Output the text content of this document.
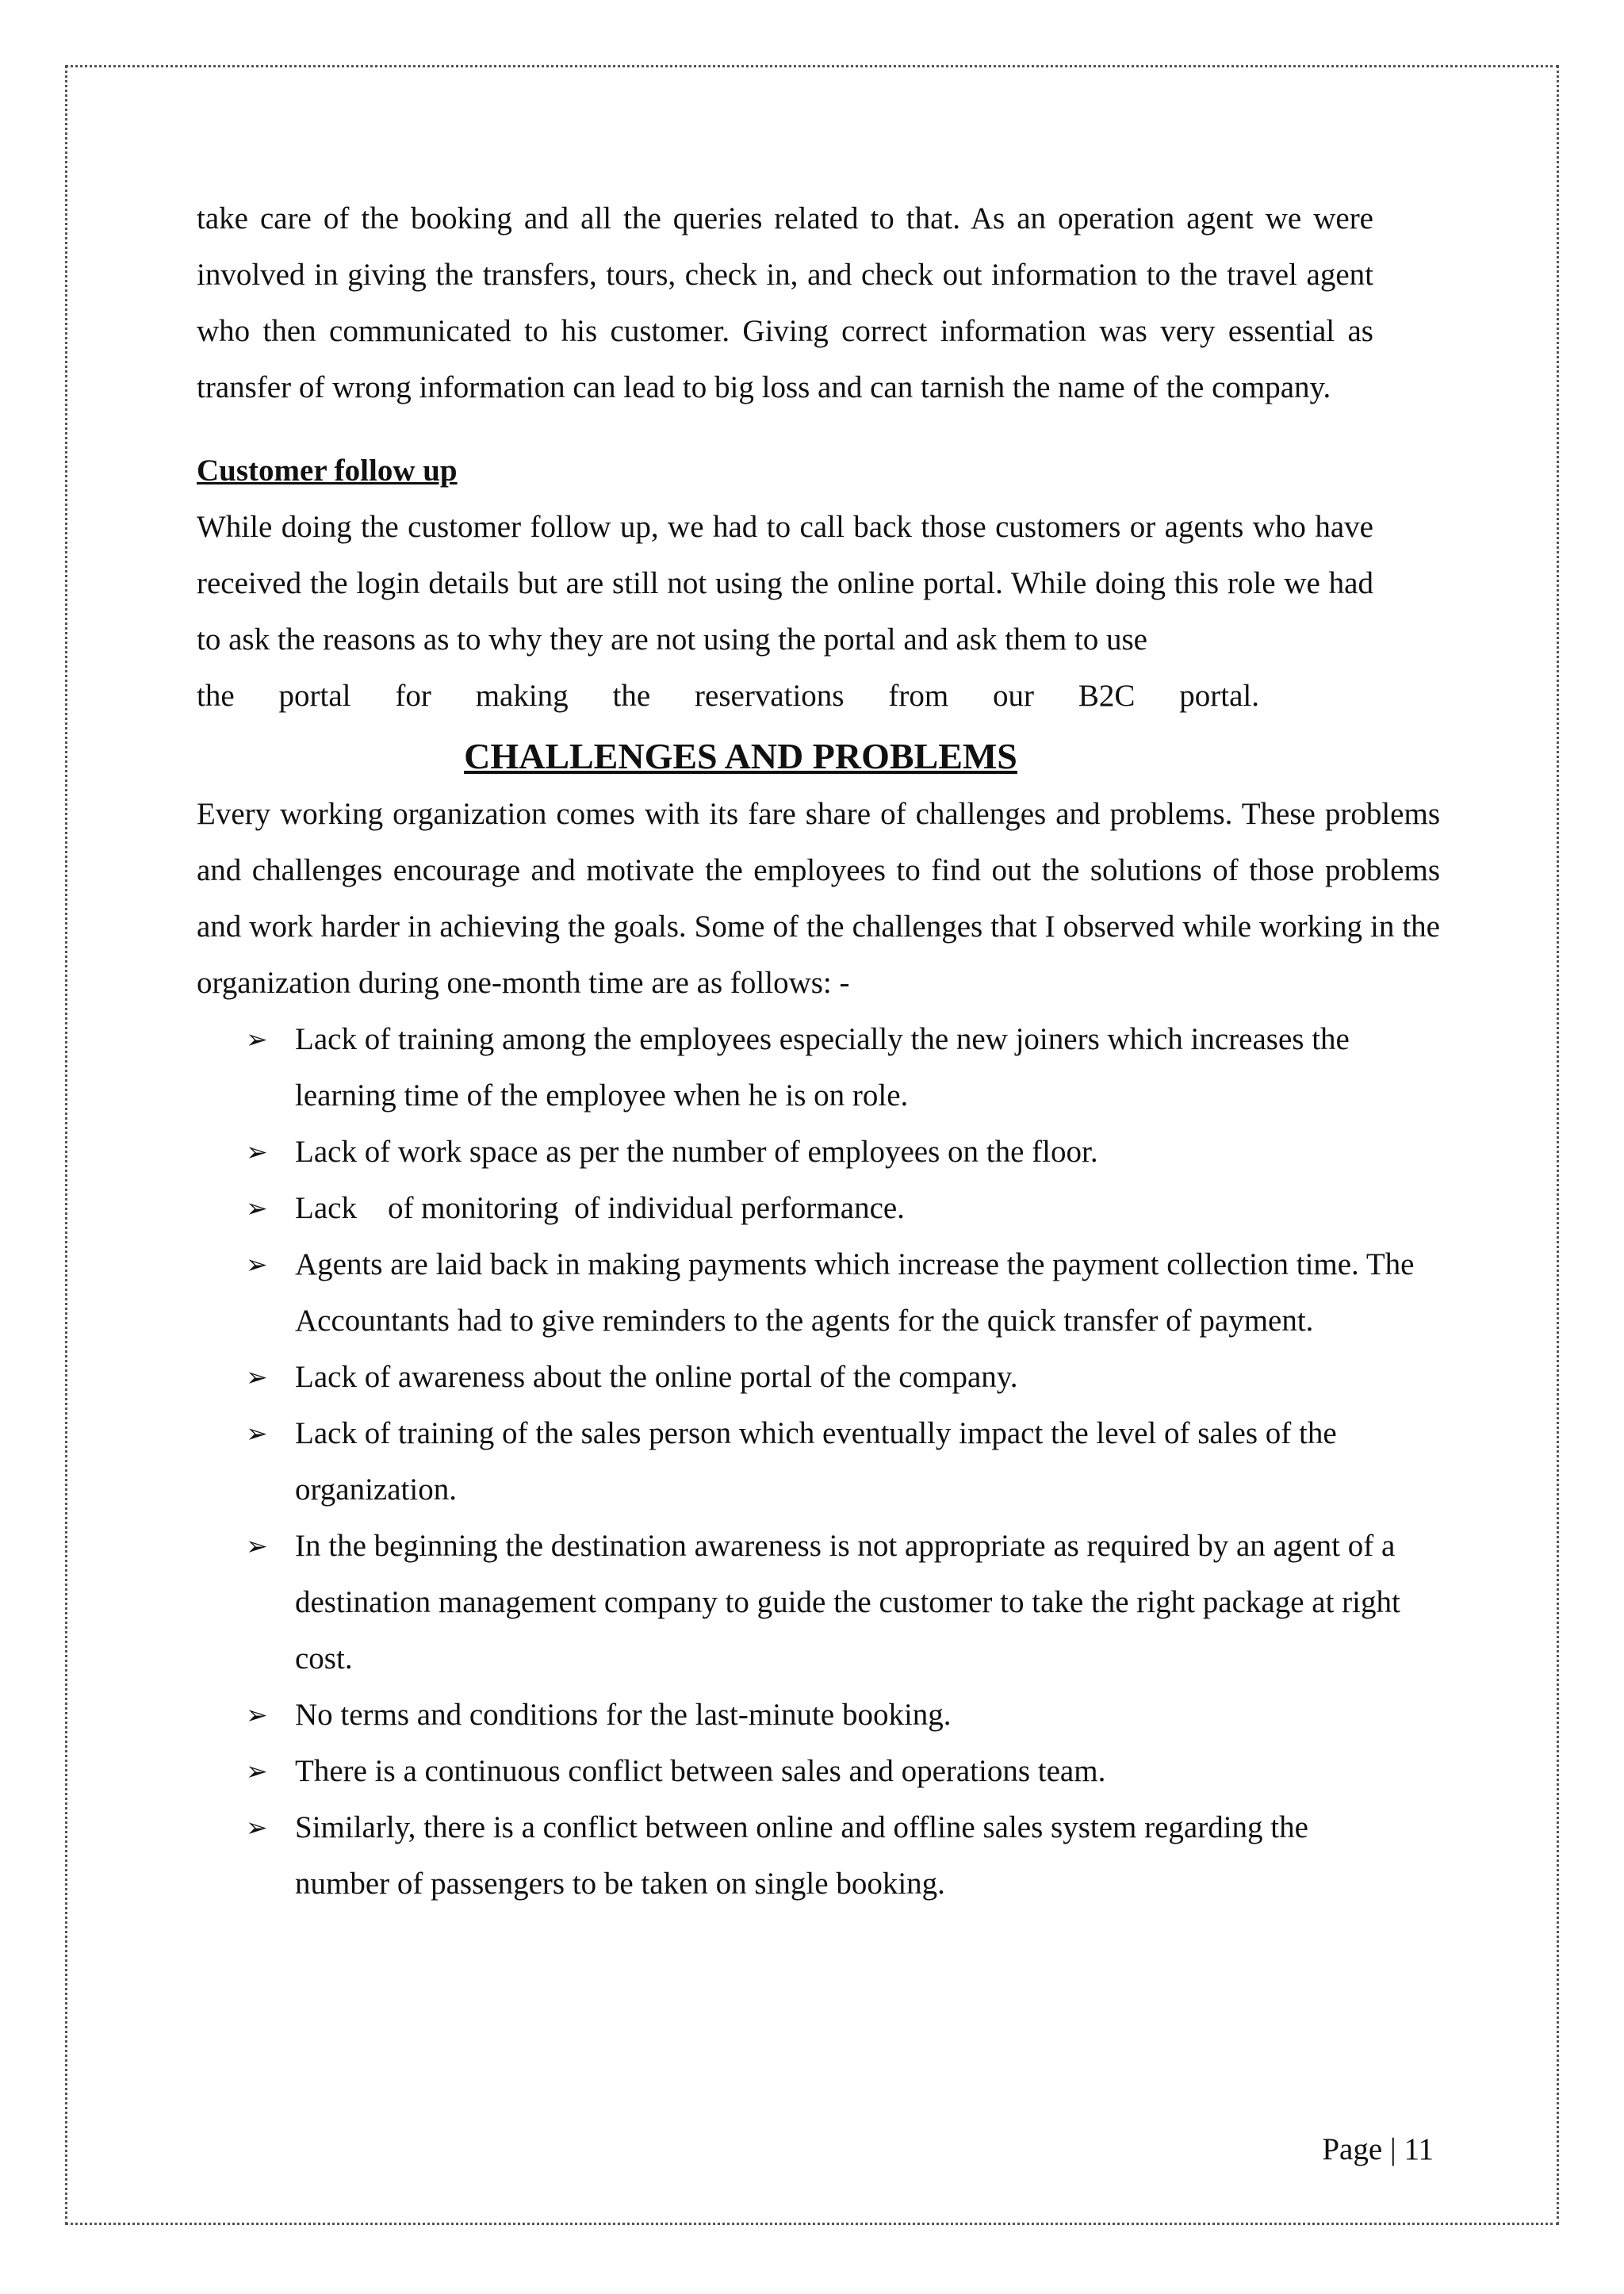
take care of the booking and all the queries related to that. As an operation agent we were involved in giving the transfers, tours, check in, and check out information to the travel agent who then communicated to his customer. Giving correct information was very essential as transfer of wrong information can lead to big loss and can tarnish the name of the company.

Customer follow up

While doing the customer follow up, we had to call back those customers or agents who have received the login details but are still not using the online portal. While doing this role we had to ask the reasons as to why they are not using the portal and ask them to use

the portal for making the reservations from our B2C portal.
CHALLENGES AND PROBLEMS

Every working organization comes with its fare share of challenges and problems. These problems and challenges encourage and motivate the employees to find out the solutions of those problems and work harder in achieving the goals. Some of the challenges that I observed while working in the organization during one-month time are as follows: -

➢ Lack of training among the employees especially the new joiners which increases the learning time of the employee when he is on role.
➢ Lack of work space as per the number of employees on the floor.
➢ Lack    of monitoring  of individual performance.
➢ Agents are laid back in making payments which increase the payment collection time. The Accountants had to give reminders to the agents for the quick transfer of payment.
➢ Lack of awareness about the online portal of the company.
➢ Lack of training of the sales person which eventually impact the level of sales of the organization.
➢ In the beginning the destination awareness is not appropriate as required by an agent of a destination management company to guide the customer to take the right package at right cost.
➢ No terms and conditions for the last-minute booking.
➢ There is a continuous conflict between sales and operations team.
➢ Similarly, there is a conflict between online and offline sales system regarding the number of passengers to be taken on single booking.
Page | 11
